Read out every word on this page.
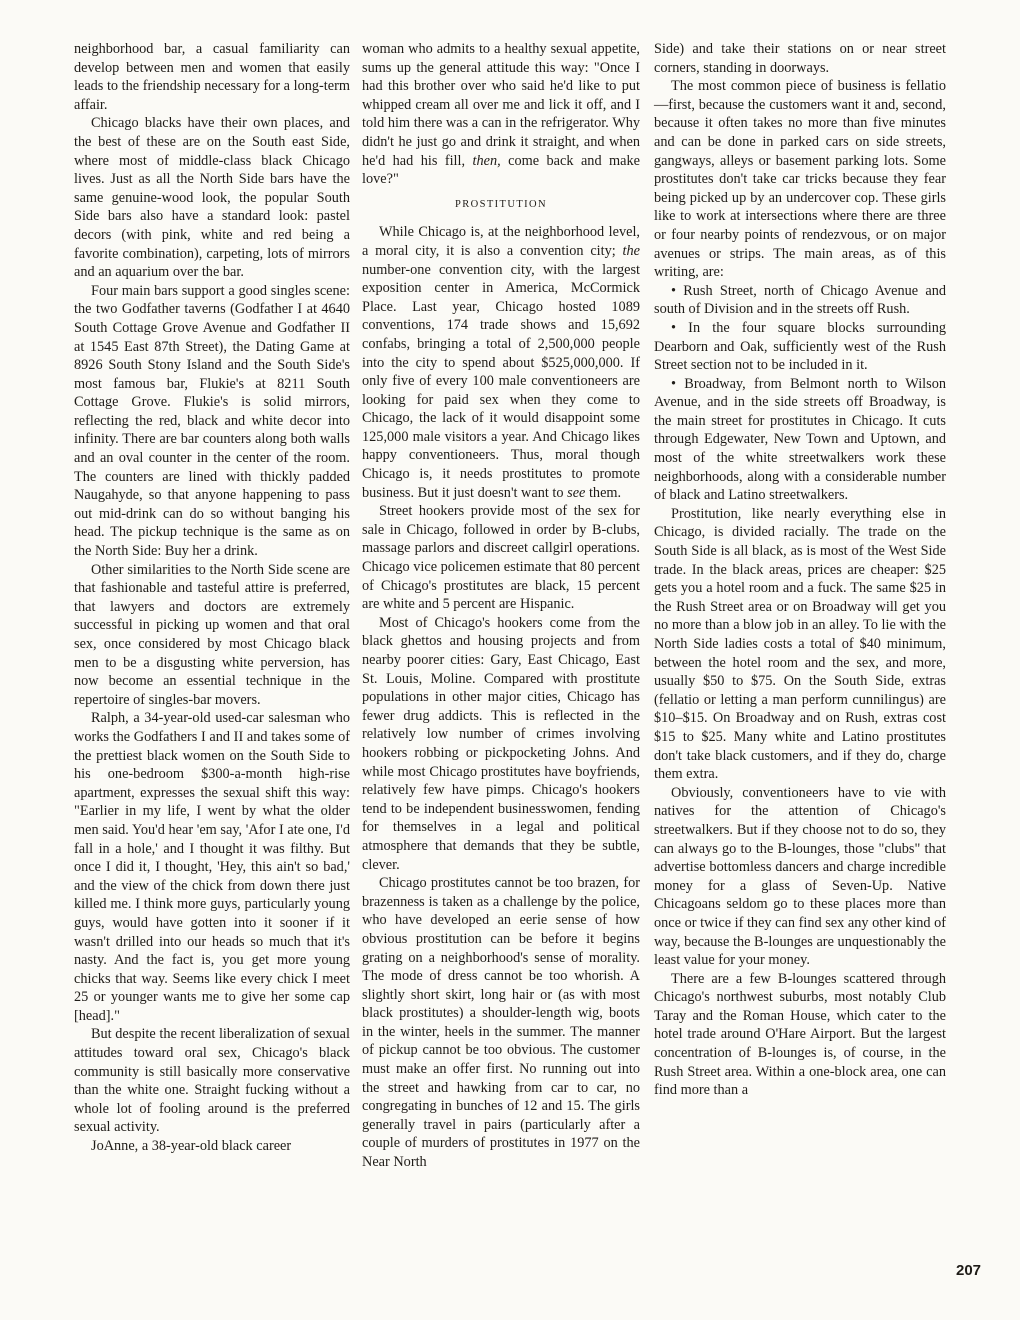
neighborhood bar, a casual familiarity can develop between men and women that easily leads to the friendship necessary for a long-term affair.

Chicago blacks have their own places, and the best of these are on the South east Side, where most of middle-class black Chicago lives. Just as all the North Side bars have the same genuine-wood look, the popular South Side bars also have a standard look: pastel decors (with pink, white and red being a favorite combination), carpeting, lots of mirrors and an aquarium over the bar.

Four main bars support a good singles scene: the two Godfather taverns (Godfather I at 4640 South Cottage Grove Avenue and Godfather II at 1545 East 87th Street), the Dating Game at 8926 South Stony Island and the South Side's most famous bar, Flukie's at 8211 South Cottage Grove. Flukie's is solid mirrors, reflecting the red, black and white decor into infinity. There are bar counters along both walls and an oval counter in the center of the room. The counters are lined with thickly padded Naugahyde, so that anyone happening to pass out mid-drink can do so without banging his head. The pickup technique is the same as on the North Side: Buy her a drink.

Other similarities to the North Side scene are that fashionable and tasteful attire is preferred, that lawyers and doctors are extremely successful in picking up women and that oral sex, once considered by most Chicago black men to be a disgusting white perversion, has now become an essential technique in the repertoire of singles-bar movers.

Ralph, a 34-year-old used-car salesman who works the Godfathers I and II and takes some of the prettiest black women on the South Side to his one-bedroom $300-a-month high-rise apartment, expresses the sexual shift this way: "Earlier in my life, I went by what the older men said. You'd hear 'em say, 'Afor I ate one, I'd fall in a hole,' and I thought it was filthy. But once I did it, I thought, 'Hey, this ain't so bad,' and the view of the chick from down there just killed me. I think more guys, particularly young guys, would have gotten into it sooner if it wasn't drilled into our heads so much that it's nasty. And the fact is, you get more young chicks that way. Seems like every chick I meet 25 or younger wants me to give her some cap [head]."

But despite the recent liberalization of sexual attitudes toward oral sex, Chicago's black community is still basically more conservative than the white one. Straight fucking without a whole lot of fooling around is the preferred sexual activity.

JoAnne, a 38-year-old black career

woman who admits to a healthy sexual appetite, sums up the general attitude this way: "Once I had this brother over who said he'd like to put whipped cream all over me and lick it off, and I told him there was a can in the refrigerator. Why didn't he just go and drink it straight, and when he'd had his fill, then, come back and make love?"

PROSTITUTION

While Chicago is, at the neighborhood level, a moral city, it is also a convention city; the number-one convention city, with the largest exposition center in America, McCormick Place. Last year, Chicago hosted 1089 conventions, 174 trade shows and 15,692 confabs, bringing a total of 2,500,000 people into the city to spend about $525,000,000. If only five of every 100 male conventioneers are looking for paid sex when they come to Chicago, the lack of it would disappoint some 125,000 male visitors a year. And Chicago likes happy conventioneers. Thus, moral though Chicago is, it needs prostitutes to promote business. But it just doesn't want to see them.

Street hookers provide most of the sex for sale in Chicago, followed in order by B-clubs, massage parlors and discreet callgirl operations. Chicago vice policemen estimate that 80 percent of Chicago's prostitutes are black, 15 percent are white and 5 percent are Hispanic.

Most of Chicago's hookers come from the black ghettos and housing projects and from nearby poorer cities: Gary, East Chicago, East St. Louis, Moline. Compared with prostitute populations in other major cities, Chicago has fewer drug addicts. This is reflected in the relatively low number of crimes involving hookers robbing or pickpocketing Johns. And while most Chicago prostitutes have boyfriends, relatively few have pimps. Chicago's hookers tend to be independent businesswomen, fending for themselves in a legal and political atmosphere that demands that they be subtle, clever.

Chicago prostitutes cannot be too brazen, for brazenness is taken as a challenge by the police, who have developed an eerie sense of how obvious prostitution can be before it begins grating on a neighborhood's sense of morality. The mode of dress cannot be too whorish. A slightly short skirt, long hair or (as with most black prostitutes) a shoulder-length wig, boots in the winter, heels in the summer. The manner of pickup cannot be too obvious. The customer must make an offer first. No running out into the street and hawking from car to car, no congregating in bunches of 12 and 15. The girls generally travel in pairs (particularly after a couple of murders of prostitutes in 1977 on the Near North

Side) and take their stations on or near street corners, standing in doorways.

The most common piece of business is fellatio—first, because the customers want it and, second, because it often takes no more than five minutes and can be done in parked cars on side streets, gangways, alleys or basement parking lots. Some prostitutes don't take car tricks because they fear being picked up by an undercover cop. These girls like to work at intersections where there are three or four nearby points of rendezvous, or on major avenues or strips. The main areas, as of this writing, are:

• Rush Street, north of Chicago Avenue and south of Division and in the streets off Rush.

• In the four square blocks surrounding Dearborn and Oak, sufficiently west of the Rush Street section not to be included in it.

• Broadway, from Belmont north to Wilson Avenue, and in the side streets off Broadway, is the main street for prostitutes in Chicago. It cuts through Edgewater, New Town and Uptown, and most of the white streetwalkers work these neighborhoods, along with a considerable number of black and Latino streetwalkers.

Prostitution, like nearly everything else in Chicago, is divided racially. The trade on the South Side is all black, as is most of the West Side trade. In the black areas, prices are cheaper: $25 gets you a hotel room and a fuck. The same $25 in the Rush Street area or on Broadway will get you no more than a blow job in an alley. To lie with the North Side ladies costs a total of $40 minimum, between the hotel room and the sex, and more, usually $50 to $75. On the South Side, extras (fellatio or letting a man perform cunnilingus) are $10–$15. On Broadway and on Rush, extras cost $15 to $25. Many white and Latino prostitutes don't take black customers, and if they do, charge them extra.

Obviously, conventioneers have to vie with natives for the attention of Chicago's streetwalkers. But if they choose not to do so, they can always go to the B-lounges, those "clubs" that advertise bottomless dancers and charge incredible money for a glass of Seven-Up. Native Chicagoans seldom go to these places more than once or twice if they can find sex any other kind of way, because the B-lounges are unquestionably the least value for your money.

There are a few B-lounges scattered through Chicago's northwest suburbs, most notably Club Taray and the Roman House, which cater to the hotel trade around O'Hare Airport. But the largest concentration of B-lounges is, of course, in the Rush Street area. Within a one-block area, one can find more than a

207
